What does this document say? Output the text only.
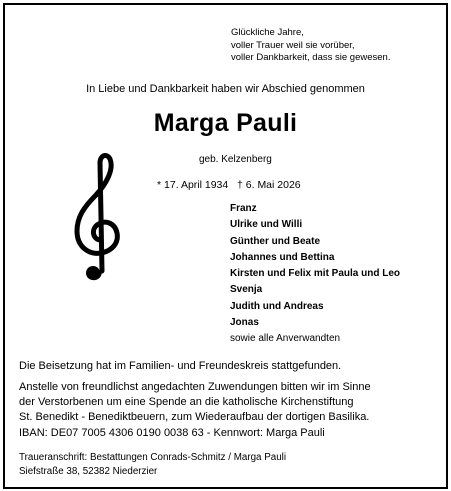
Glückliche Jahre,
voller Trauer weil sie vorüber,
voller Dankbarkeit, dass sie gewesen.
In Liebe und Dankbarkeit haben wir Abschied genommen
Marga Pauli
geb. Kelzenberg
* 17. April 1934 † 6. Mai 2026
Franz
Ulrike und Willi
Günther und Beate
Johannes und Bettina
Kirsten und Felix mit Paula und Leo
Svenja
Judith und Andreas
Jonas
sowie alle Anverwandten
Die Beisetzung hat im Familien- und Freundeskreis stattgefunden.
Anstelle von freundlichst angedachten Zuwendungen bitten wir im Sinne
der Verstorbenen um eine Spende an die katholische Kirchenstiftung
St. Benedikt - Benediktbeuern, zum Wiederaufbau der dortigen Basilika.
IBAN: DE07 7005 4306 0190 0038 63 - Kennwort: Marga Pauli
Traueranschrift: Bestattungen Conrads-Schmitz / Marga Pauli
Siefstraße 38, 52382 Niederzier
